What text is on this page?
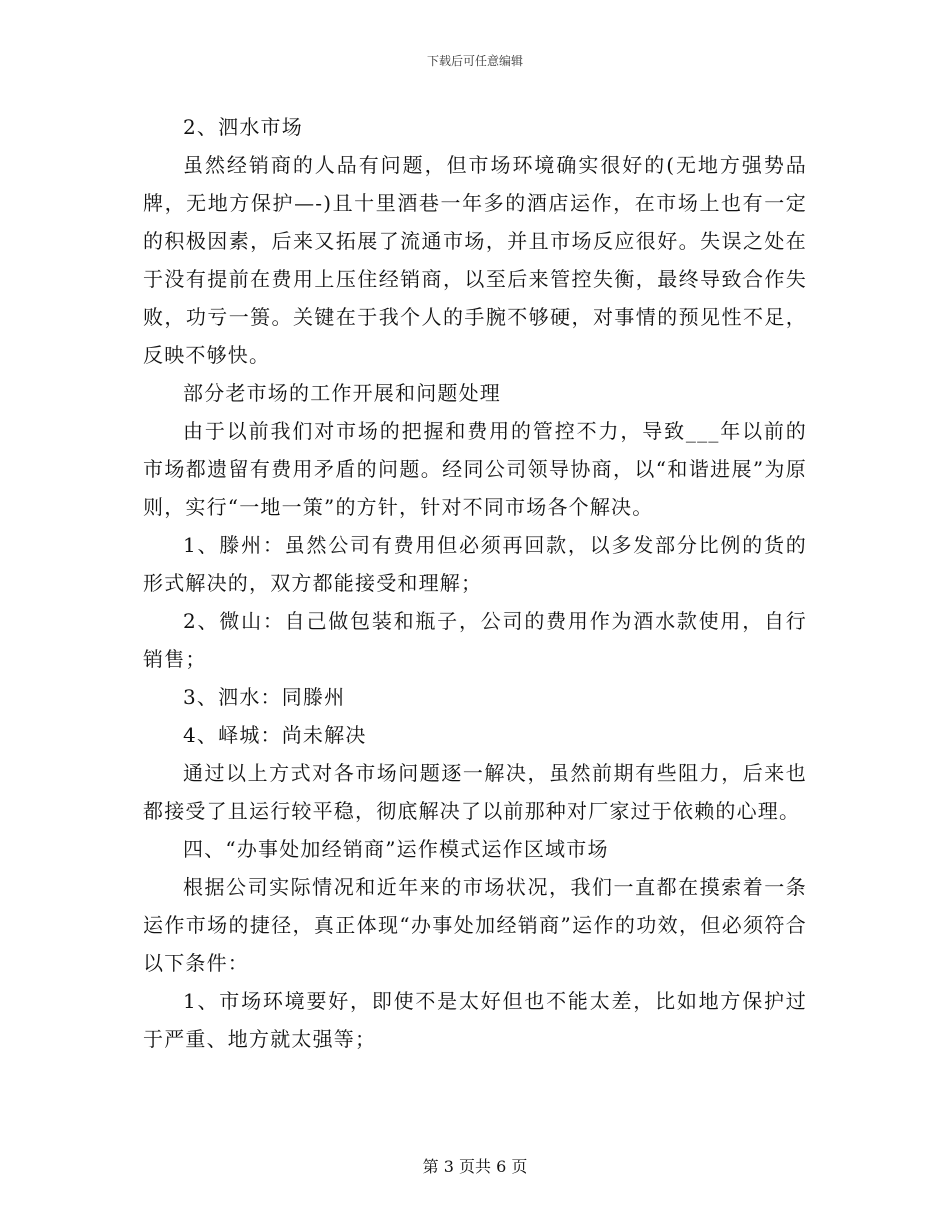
下载后可任意编辑

2、泗水市场

虽然经销商的人品有问题，但市场环境确实很好的(无地方强势品牌，无地方保护—-)且十里酒巷一年多的酒店运作，在市场上也有一定的积极因素，后来又拓展了流通市场，并且市场反应很好。失误之处在于没有提前在费用上压住经销商，以至后来管控失衡，最终导致合作失败，功亏一篑。关键在于我个人的手腕不够硬，对事情的预见性不足，反映不够快。

部分老市场的工作开展和问题处理

由于以前我们对市场的把握和费用的管控不力，导致___年以前的市场都遗留有费用矛盾的问题。经同公司领导协商，以“和谐进展”为原则，实行“一地一策”的方针，针对不同市场各个解决。

1、滕州：虽然公司有费用但必须再回款，以多发部分比例的货的形式解决的，双方都能接受和理解；

2、微山：自己做包装和瓶子，公司的费用作为酒水款使用，自行销售；

3、泗水：同滕州

4、峄城：尚未解决

通过以上方式对各市场问题逐一解决，虽然前期有些阻力，后来也都接受了且运行较平稳，彻底解决了以前那种对厂家过于依赖的心理。

四、“办事处加经销商”运作模式运作区域市场

根据公司实际情况和近年来的市场状况，我们一直都在摸索着一条运作市场的捷径，真正体现“办事处加经销商”运作的功效，但必须符合以下条件：

1、市场环境要好，即使不是太好但也不能太差，比如地方保护过于严重、地方就太强等；

第 3 页共 6 页
